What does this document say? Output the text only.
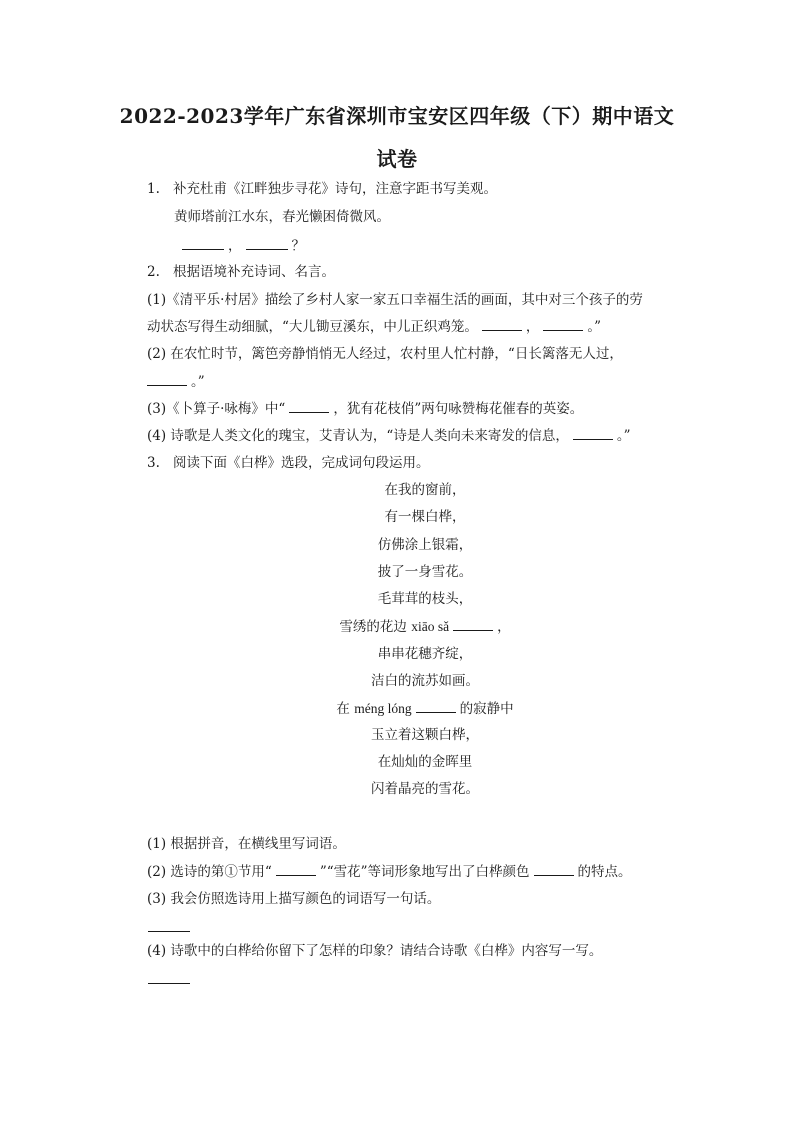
2022-2023学年广东省深圳市宝安区四年级（下）期中语文
试卷
1. 补充杜甫《江畔独步寻花》诗句，注意字距书写美观。
黄师塔前江水东，春光懒困倚微风。
，	？
2. 根据语境补充诗词、名言。
(1)《清平乐·村居》描绘了乡村人家一家五口幸福生活的画面，其中对三个孩子的劳
动状态写得生动细腻，“大儿锄豆溪东，中儿正织鸡笼。	，	。”
(2) 在农忙时节，篱笆旁静悄悄无人经过，农村里人忙村静，“日长篱落无人过，
。”
(3)《卜算子·咏梅》中“	，犹有花枝俏”两句咏赞梅花催春的英姿。
(4) 诗歌是人类文化的瑰宝，艾青认为，“诗是人类向未来寄发的信息，	。”
3. 阅读下面《白桦》选段，完成词句段运用。
在我的窗前，
有一棵白桦，
仿佛涂上银霜，
披了一身雪花。
毛茸茸的枝头，
雪绣的花边 xiāo sǎ	，
串串花穗齐绽，
洁白的流苏如画。
在 méng lóng	的寂静中
玉立着这颗白桦，
在灿灿的金晖里
闪着晶亮的雪花。
(1) 根据拼音，在横线里写词语。
(2) 选诗的第①节用“	”“雪花”等词形象地写出了白桦颜色	的特点。
(3) 我会仿照选诗用上描写颜色的词语写一句话。
(4) 诗歌中的白桦给你留下了怎样的印象？请结合诗歌《白桦》内容写一写。
